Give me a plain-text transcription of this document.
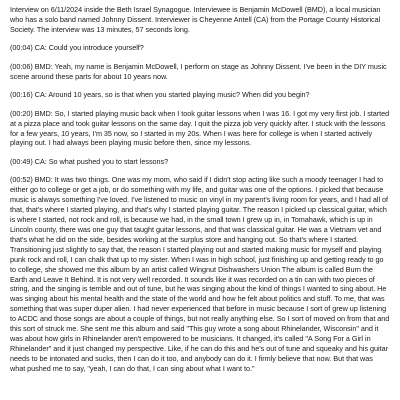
Interview on 6/11/2024 inside the Beth Israel Synagogue. Interviewee is Benjamin McDowell (BMD), a local musician who has a solo band named Johnny Dissent. Interviewer is Cheyenne Antell (CA) from the Portage County Historical Society. The interview was 13 minutes, 57 seconds long.

(00:04) CA: Could you introduce yourself?

(00:06) BMD: Yeah, my name is Benjamin McDowell, I perform on stage as Johnny Dissent. I've been in the DIY music scene around these parts for about 10 years now.

(00:16) CA: Around 10 years, so is that when you started playing music? When did you begin?

(00:20) BMD: So, I started playing music back when I took guitar lessons when I was 16. I got my very first job. I started at a pizza place and took guitar lessons on the same day. I quit the pizza job very quickly after. I stuck with the lessons for a few years, 10 years, I'm 35 now, so I started in my 20s. When I was here for college is when I started actively playing out. I had always been playing music before then, since my lessons.

(00:49) CA: So what pushed you to start lessons?

(00:52) BMD: It was two things. One was my mom, who said if I didn't stop acting like such a moody teenager I had to either go to college or get a job, or do something with my life, and guitar was one of the options. I picked that because music is always something I've loved. I've listened to music on vinyl in my parent's living room for years, and I had all of that, that's where I started playing, and that's why I started playing guitar. The reason I picked up classical guitar, which is where I started, not rock and roll, is because we had, in the small town I grew up in, in Tomahawk, which is up in Lincoln county, there was one guy that taught guitar lessons, and that was classical guitar. He was a Vietnam vet and that's what he did on the side, besides working at the surplus store and hanging out. So that's where I started. Transitioning just slightly to say that, the reason I started playing out and started making music for myself and playing punk rock and roll, I can chalk that up to my sister. When I was in high school, just finishing up and getting ready to go to college, she showed me this album by an artist called Wingnut Dishwashers Union The album is called Burn the Earth and Leave It Behind. It is not very well recorded. It sounds like it was recorded on a tin can with two pieces of string, and the singing is terrible and out of tune, but he was singing about the kind of things I wanted to sing about. He was singing about his mental health and the state of the world and how he felt about politics and stuff. To me, that was something that was super duper alien. I had never experienced that before in music because I sort of grew up listening to ACDC and those songs are about a couple of things, but not really anything else. So I sort of moved on from that and this sort of struck me. She sent me this album and said "This guy wrote a song about Rhinelander, Wisconsin" and it was about how girls in Rhinelander aren't empowered to be musicians. It changed, it's called "A Song For a Girl in Rhinelander" and it just changed my perspective. Like, if he can do this and he's out of tune and squeaky and his guitar needs to be intonated and sucks, then I can do it too, and anybody can do it. I firmly believe that now. But that was what pushed me to say, "yeah, I can do that, I can sing about what I want to."
